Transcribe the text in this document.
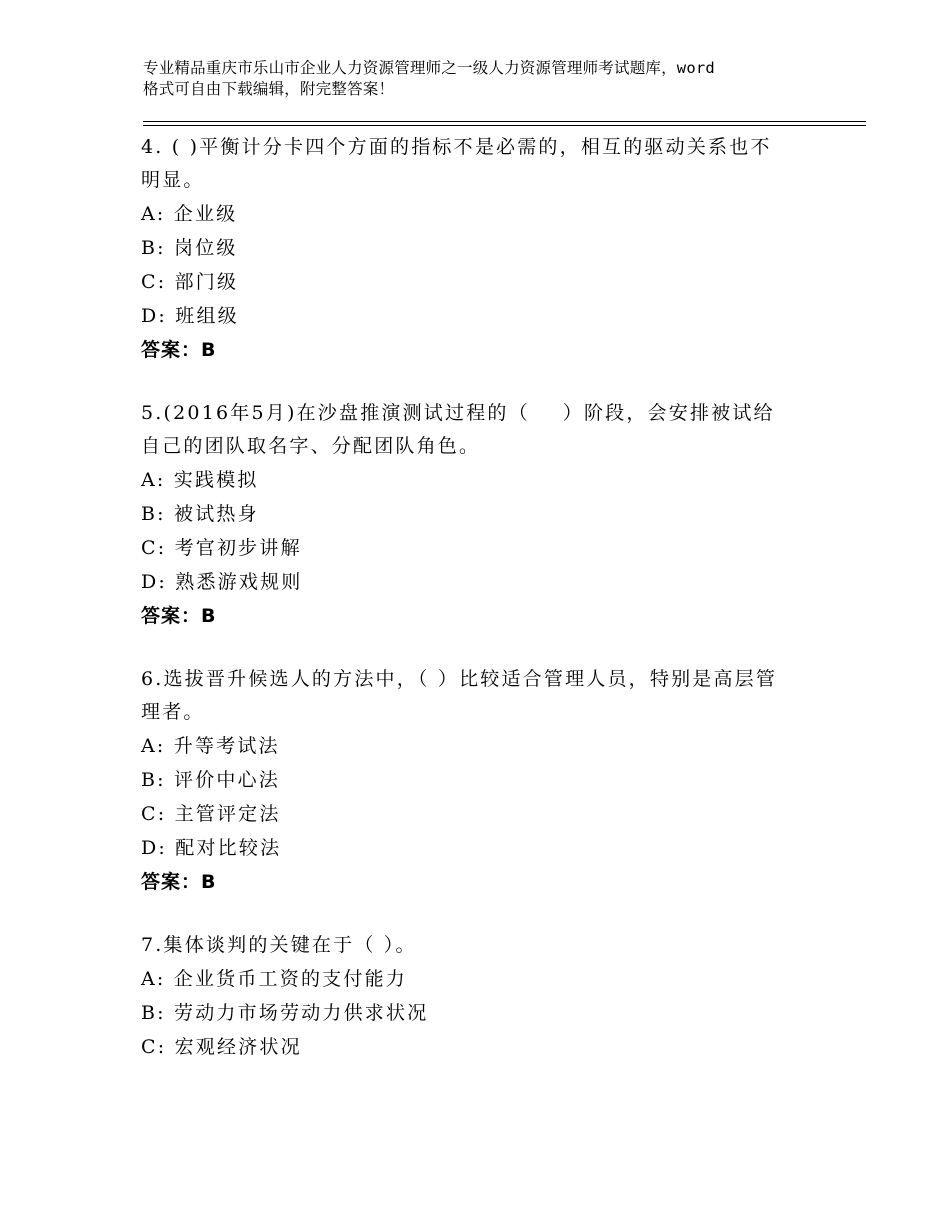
专业精品重庆市乐山市企业人力资源管理师之一级人力资源管理师考试题库，word
格式可自由下载编辑，附完整答案！

4. ( )平衡计分卡四个方面的指标不是必需的，相互的驱动关系也不
明显。

A: 企业级

B: 岗位级

C: 部门级

D: 班组级

答案：B

5.(2016年5月)在沙盘推演测试过程的（    ）阶段，会安排被试给
自己的团队取名字、分配团队角色。

A: 实践模拟

B: 被试热身

C: 考官初步讲解

D: 熟悉游戏规则

答案：B

6.选拔晋升候选人的方法中，（ ）比较适合管理人员，特别是高层管
理者。

A: 升等考试法

B: 评价中心法

C: 主管评定法

D: 配对比较法

答案：B

7.集体谈判的关键在于（ ）。

A: 企业货币工资的支付能力

B: 劳动力市场劳动力供求状况

C: 宏观经济状况
